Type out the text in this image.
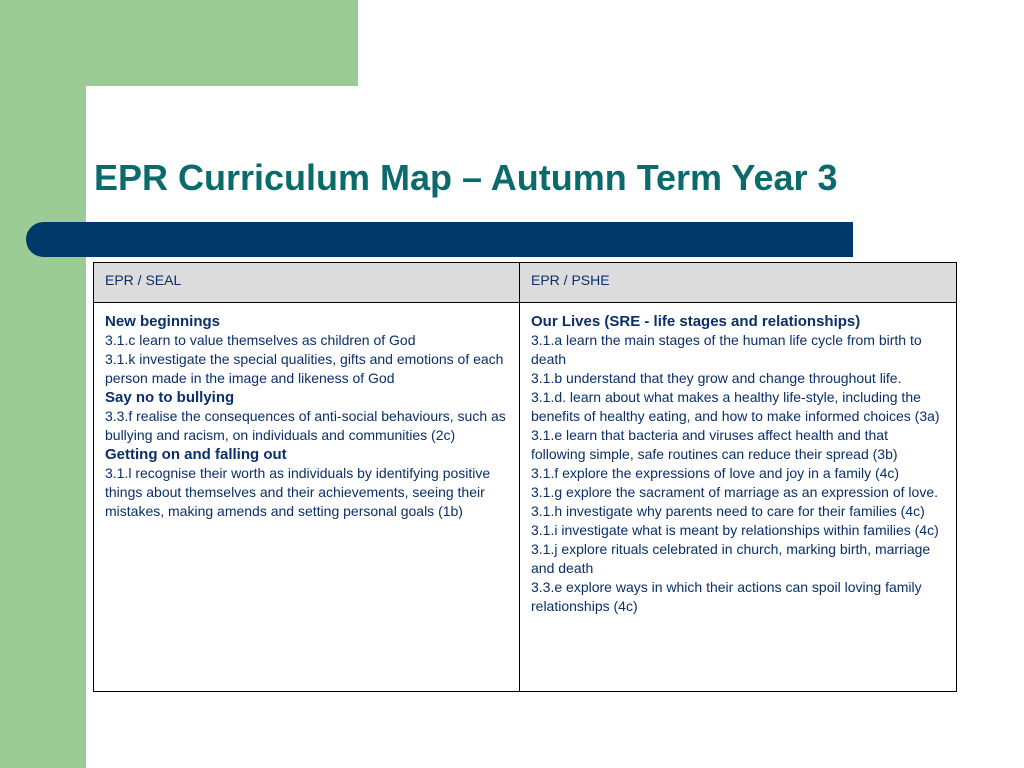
EPR Curriculum Map – Autumn Term Year 3
EPR / SEAL	EPR / PSHE
New beginnings
3.1.c learn to value themselves as children of God
3.1.k investigate the special qualities, gifts and emotions of each person made in the image and likeness of God
Say no to bullying
3.3.f realise the consequences of anti-social behaviours, such as bullying and racism, on individuals and communities (2c)
Getting on and falling out
3.1.l recognise their worth as individuals by identifying positive things about themselves and their achievements, seeing their mistakes, making amends and setting personal goals (1b)
Our Lives (SRE - life stages and relationships)
3.1.a learn the main stages of the human life cycle from birth to death
3.1.b understand that they grow and change throughout life.
3.1.d. learn about what makes a healthy life-style, including the benefits of healthy eating, and how to make informed choices (3a)
3.1.e learn that bacteria and viruses affect health and that following simple, safe routines can reduce their spread (3b)
3.1.f explore the expressions of love and joy in a family (4c)
3.1.g explore the sacrament of marriage as an expression of love.
3.1.h investigate why parents need to care for their families (4c)
3.1.i investigate what is meant by relationships within families (4c)
3.1.j explore rituals celebrated in church, marking birth, marriage and death
3.3.e explore ways in which their actions can spoil loving family relationships (4c)
